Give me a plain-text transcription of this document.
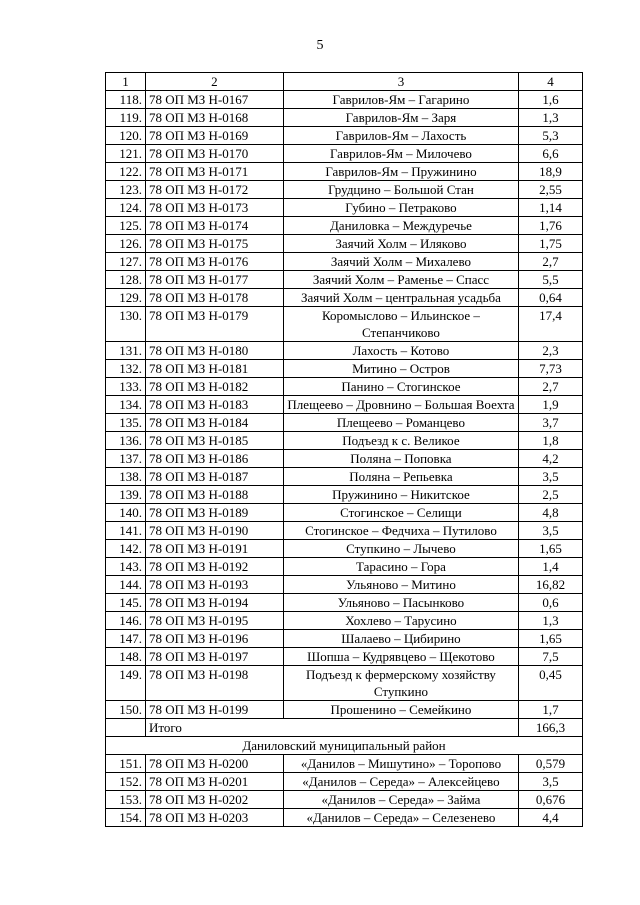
5
1	2	3	4
118.	78 ОП МЗ Н-0167	Гаврилов-Ям – Гагарино	1,6
119.	78 ОП МЗ Н-0168	Гаврилов-Ям – Заря	1,3
120.	78 ОП МЗ Н-0169	Гаврилов-Ям – Лахость	5,3
121.	78 ОП МЗ Н-0170	Гаврилов-Ям – Милочево	6,6
122.	78 ОП МЗ Н-0171	Гаврилов-Ям – Пружинино	18,9
123.	78 ОП МЗ Н-0172	Грудцино – Большой Стан	2,55
124.	78 ОП МЗ Н-0173	Губино – Петраково	1,14
125.	78 ОП МЗ Н-0174	Даниловка – Междуречье	1,76
126.	78 ОП МЗ Н-0175	Заячий Холм – Иляково	1,75
127.	78 ОП МЗ Н-0176	Заячий Холм – Михалево	2,7
128.	78 ОП МЗ Н-0177	Заячий Холм – Раменье – Спасс	5,5
129.	78 ОП МЗ Н-0178	Заячий Холм – центральная усадьба	0,64
130.	78 ОП МЗ Н-0179	Коромыслово – Ильинское – Степанчиково	17,4
131.	78 ОП МЗ Н-0180	Лахость – Котово	2,3
132.	78 ОП МЗ Н-0181	Митино – Остров	7,73
133.	78 ОП МЗ Н-0182	Панино – Стогинское	2,7
134.	78 ОП МЗ Н-0183	Плещеево – Дровнино – Большая Воехта	1,9
135.	78 ОП МЗ Н-0184	Плещеево – Романцево	3,7
136.	78 ОП МЗ Н-0185	Подъезд к с. Великое	1,8
137.	78 ОП МЗ Н-0186	Поляна – Поповка	4,2
138.	78 ОП МЗ Н-0187	Поляна – Репьевка	3,5
139.	78 ОП МЗ Н-0188	Пружинино – Никитское	2,5
140.	78 ОП МЗ Н-0189	Стогинское – Селищи	4,8
141.	78 ОП МЗ Н-0190	Стогинское – Федчиха – Путилово	3,5
142.	78 ОП МЗ Н-0191	Ступкино – Лычево	1,65
143.	78 ОП МЗ Н-0192	Тарасино – Гора	1,4
144.	78 ОП МЗ Н-0193	Ульяново – Митино	16,82
145.	78 ОП МЗ Н-0194	Ульяново – Пасынково	0,6
146.	78 ОП МЗ Н-0195	Хохлево – Тарусино	1,3
147.	78 ОП МЗ Н-0196	Шалаево – Цибирино	1,65
148.	78 ОП МЗ Н-0197	Шопша – Кудрявцево – Щекотово	7,5
149.	78 ОП МЗ Н-0198	Подъезд к фермерскому хозяйству Ступкино	0,45
150.	78 ОП МЗ Н-0199	Прошенино – Семейкино	1,7
	Итого		166,3
Даниловский муниципальный район			
151.	78 ОП МЗ Н-0200	«Данилов – Мишутино» – Торопово	0,579
152.	78 ОП МЗ Н-0201	«Данилов – Середа» – Алексейцево	3,5
153.	78 ОП МЗ Н-0202	«Данилов – Середа» – Займа	0,676
154.	78 ОП МЗ Н-0203	«Данилов – Середа» – Селезенево	4,4
